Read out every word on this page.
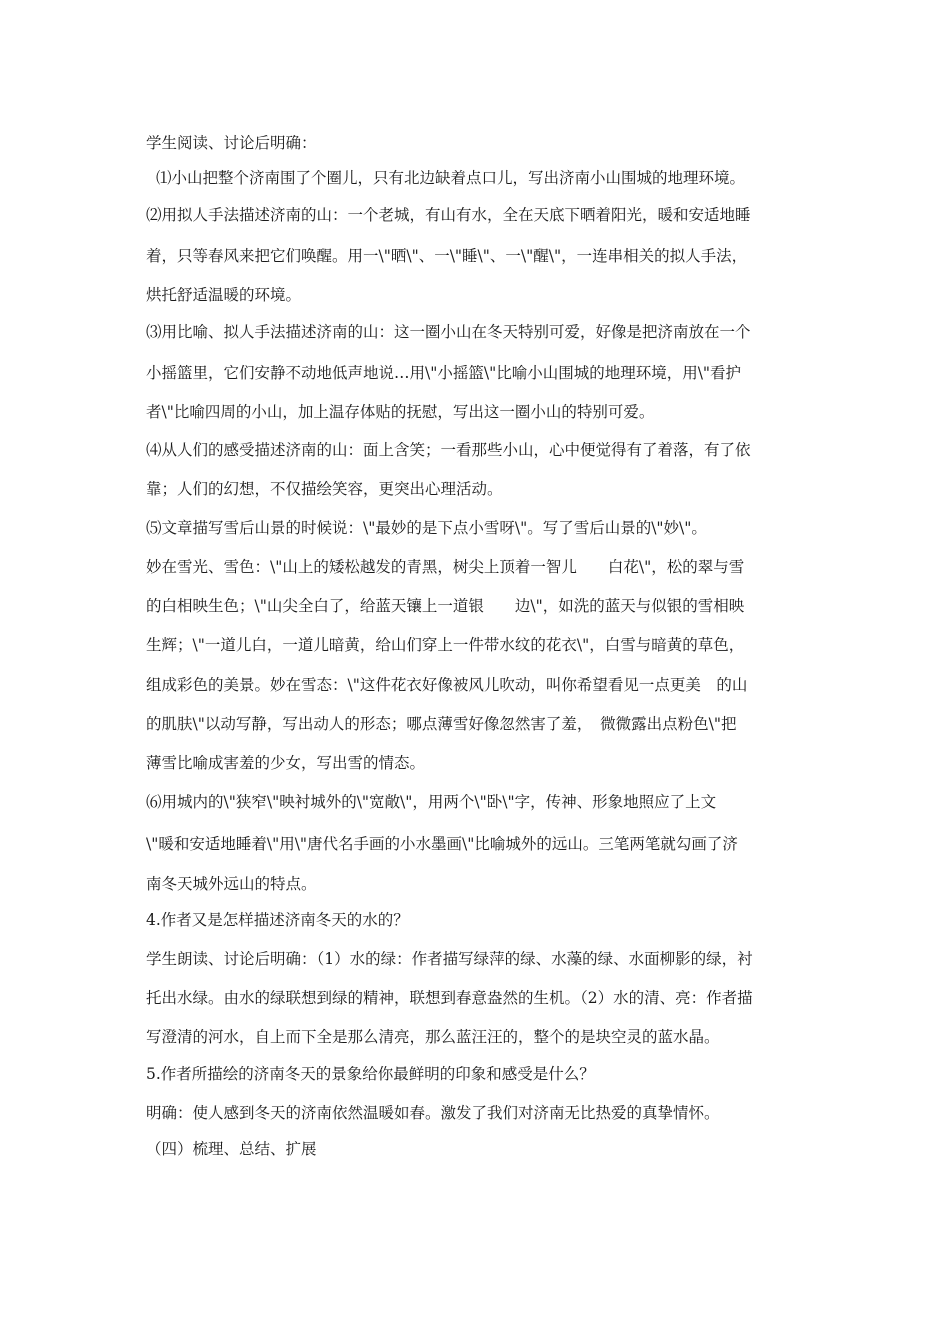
学生阅读、讨论后明确：
⑴小山把整个济南围了个圈儿，只有北边缺着点口儿，写出济南小山围城的地理环境。
⑵用拟人手法描述济南的山：一个老城，有山有水，全在天底下晒着阳光，暖和安适地睡
着，只等春风来把它们唤醒。用一\"晒\"、一\"睡\"、一\"醒\"，一连串相关的拟人手法，
烘托舒适温暖的环境。
⑶用比喻、拟人手法描述济南的山：这一圈小山在冬天特别可爱，好像是把济南放在一个
小摇篮里，它们安静不动地低声地说…用\"小摇篮\"比喻小山围城的地理环境，用\"看护
者\"比喻四周的小山，加上温存体贴的抚慰，写出这一圈小山的特别可爱。
⑷从人们的感受描述济南的山：面上含笑；一看那些小山，心中便觉得有了着落，有了依
靠；人们的幻想，不仅描绘笑容，更突出心理活动。
⑸文章描写雪后山景的时候说：\"最妙的是下点小雪呀\"。写了雪后山景的\"妙\"。
妙在雪光、雪色：\"山上的矮松越发的青黑，树尖上顶着一智儿　　白花\"，松的翠与雪
的白相映生色；\"山尖全白了，给蓝天镶上一道银　　边\"，如洗的蓝天与似银的雪相映
生辉；\"一道儿白，一道儿暗黄，给山们穿上一件带水纹的花衣\"，白雪与暗黄的草色，
组成彩色的美景。妙在雪态：\"这件花衣好像被风儿吹动，叫你希望看见一点更美　的山
的肌肤\"以动写静，写出动人的形态；哪点薄雪好像忽然害了羞，　微微露出点粉色\"把
薄雪比喻成害羞的少女，写出雪的情态。
⑹用城内的\"狭窄\"映衬城外的\"宽敞\"，用两个\"卧\"字，传神、形象地照应了上文
\"暖和安适地睡着\"用\"唐代名手画的小水墨画\"比喻城外的远山。三笔两笔就勾画了济
南冬天城外远山的特点。
4.作者又是怎样描述济南冬天的水的？
学生朗读、讨论后明确：（1）水的绿：作者描写绿萍的绿、水藻的绿、水面柳影的绿，衬
托出水绿。由水的绿联想到绿的精神，联想到春意盎然的生机。（2）水的清、亮：作者描
写澄清的河水，自上而下全是那么清亮，那么蓝汪汪的，整个的是块空灵的蓝水晶。
5.作者所描绘的济南冬天的景象给你最鲜明的印象和感受是什么？
明确：使人感到冬天的济南依然温暖如春。激发了我们对济南无比热爱的真挚情怀。
（四）梳理、总结、扩展
